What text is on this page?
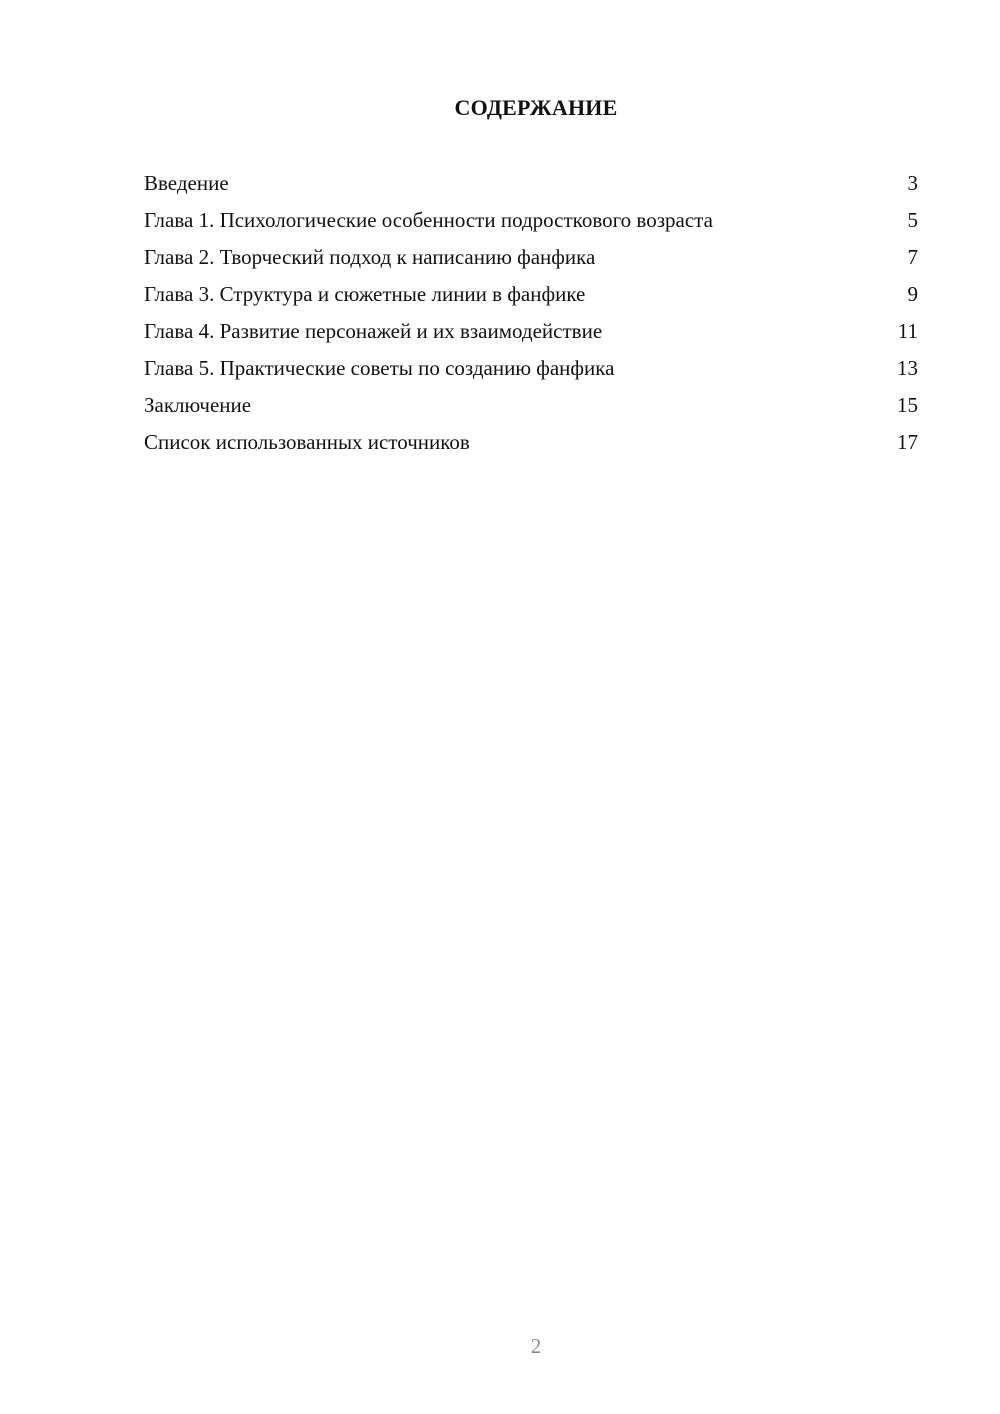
СОДЕРЖАНИЕ
Введение	3
Глава 1. Психологические особенности подросткового возраста	5
Глава 2. Творческий подход к написанию фанфика	7
Глава 3. Структура и сюжетные линии в фанфике	9
Глава 4. Развитие персонажей и их взаимодействие	11
Глава 5. Практические советы по созданию фанфика	13
Заключение	15
Список использованных источников	17
2
